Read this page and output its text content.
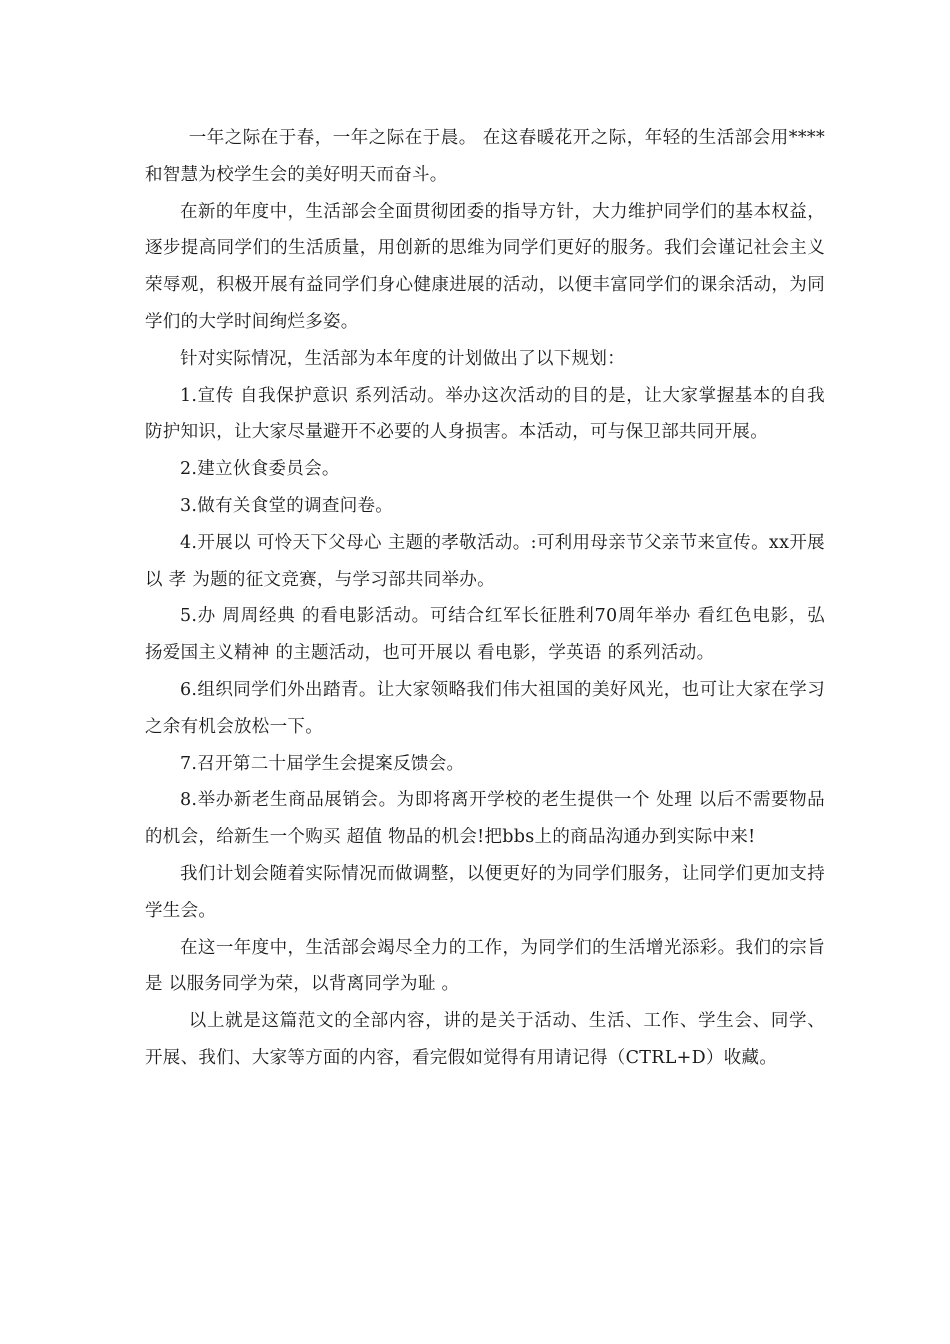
一年之际在于春，一年之际在于晨。 在这春暖花开之际，年轻的生活部会用****和智慧为校学生会的美好明天而奋斗。

在新的年度中，生活部会全面贯彻团委的指导方针，大力维护同学们的基本权益，逐步提高同学们的生活质量，用创新的思维为同学们更好的服务。我们会谨记社会主义荣辱观，积极开展有益同学们身心健康进展的活动，以便丰富同学们的课余活动，为同学们的大学时间绚烂多姿。

针对实际情况，生活部为本年度的计划做出了以下规划：

1.宣传 自我保护意识 系列活动。举办这次活动的目的是，让大家掌握基本的自我防护知识，让大家尽量避开不必要的人身损害。本活动，可与保卫部共同开展。

2.建立伙食委员会。

3.做有关食堂的调查问卷。

4.开展以 可怜天下父母心 主题的孝敬活动。:可利用母亲节父亲节来宣传。xx开展以 孝 为题的征文竞赛，与学习部共同举办。

5.办 周周经典 的看电影活动。可结合红军长征胜利70周年举办 看红色电影，弘扬爱国主义精神 的主题活动，也可开展以 看电影，学英语 的系列活动。

6.组织同学们外出踏青。让大家领略我们伟大祖国的美好风光，也可让大家在学习之余有机会放松一下。

7.召开第二十届学生会提案反馈会。

8.举办新老生商品展销会。为即将离开学校的老生提供一个 处理 以后不需要物品的机会，给新生一个购买 超值 物品的机会!把bbs上的商品沟通办到实际中来!

我们计划会随着实际情况而做调整，以便更好的为同学们服务，让同学们更加支持学生会。

在这一年度中，生活部会竭尽全力的工作，为同学们的生活增光添彩。我们的宗旨是 以服务同学为荣，以背离同学为耻 。

以上就是这篇范文的全部内容，讲的是关于活动、生活、工作、学生会、同学、开展、我们、大家等方面的内容，看完假如觉得有用请记得（CTRL+D）收藏。
